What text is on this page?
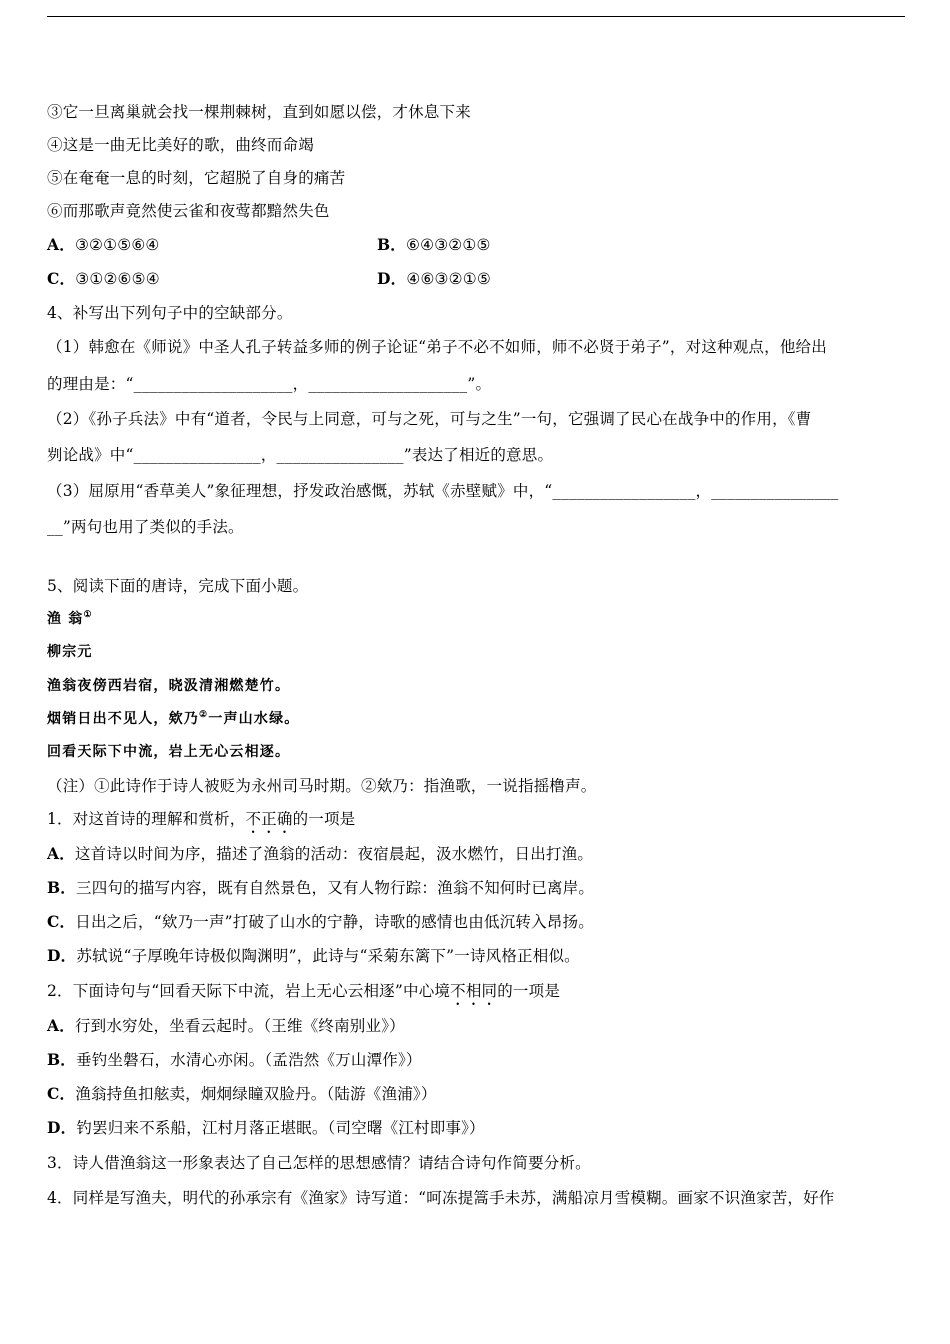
③它一旦离巢就会找一棵荆棘树，直到如愿以偿，才休息下来
④这是一曲无比美好的歌，曲终而命竭
⑤在奄奄一息的时刻，它超脱了自身的痛苦
⑥而那歌声竟然使云雀和夜莺都黯然失色
A．③②①⑤⑥④	B．⑥④③②①⑤
C．③①②⑥⑤④	D．④⑥③②①⑤
4、补写出下列句子中的空缺部分。
（1）韩愈在《师说》中圣人孔子转益多师的例子论证“弟子不必不如师，师不必贤于弟子”，对这种观点，他给出
的理由是：“____________________，____________________”。
（2）《孙子兵法》中有“道者，令民与上同意，可与之死，可与之生”一句，它强调了民心在战争中的作用，《曹
刿论战》中“________________，________________”表达了相近的意思。
（3）屈原用“香草美人”象征理想，抒发政治感慨，苏轼《赤壁赋》中，“__________________，________________
__”两句也用了类似的手法。
5、阅读下面的唐诗，完成下面小题。
渔 翁①
柳宗元
渔翁夜傍西岩宿，晓汲清湘燃楚竹。
烟销日出不见人，欸乃②一声山水绿。
回看天际下中流，岩上无心云相逐。
（注）①此诗作于诗人被贬为永州司马时期。②欸乃：指渔歌，一说指摇橹声。
1．对这首诗的理解和赏析，不正确的一项是
A．这首诗以时间为序，描述了渔翁的活动：夜宿晨起，汲水燃竹，日出打渔。
B．三四句的描写内容，既有自然景色，又有人物行踪：渔翁不知何时已离岸。
C．日出之后，“欸乃一声”打破了山水的宁静，诗歌的感情也由低沉转入昂扬。
D．苏轼说“子厚晚年诗极似陶渊明”，此诗与“采菊东篱下”一诗风格正相似。
2．下面诗句与“回看天际下中流，岩上无心云相逐”中心境不相同的一项是
A．行到水穷处，坐看云起时。（王维《终南别业》）
B．垂钓坐磐石，水清心亦闲。（孟浩然《万山潭作》）
C．渔翁持鱼扣舷卖，炯炯绿瞳双脸丹。（陆游《渔浦》）
D．钓罢归来不系船，江村月落正堪眠。（司空曙《江村即事》）
3．诗人借渔翁这一形象表达了自己怎样的思想感情？请结合诗句作简要分析。
4．同样是写渔夫，明代的孙承宗有《渔家》诗写道：“呵冻提篙手未苏，满船凉月雪模糊。画家不识渔家苦，好作
